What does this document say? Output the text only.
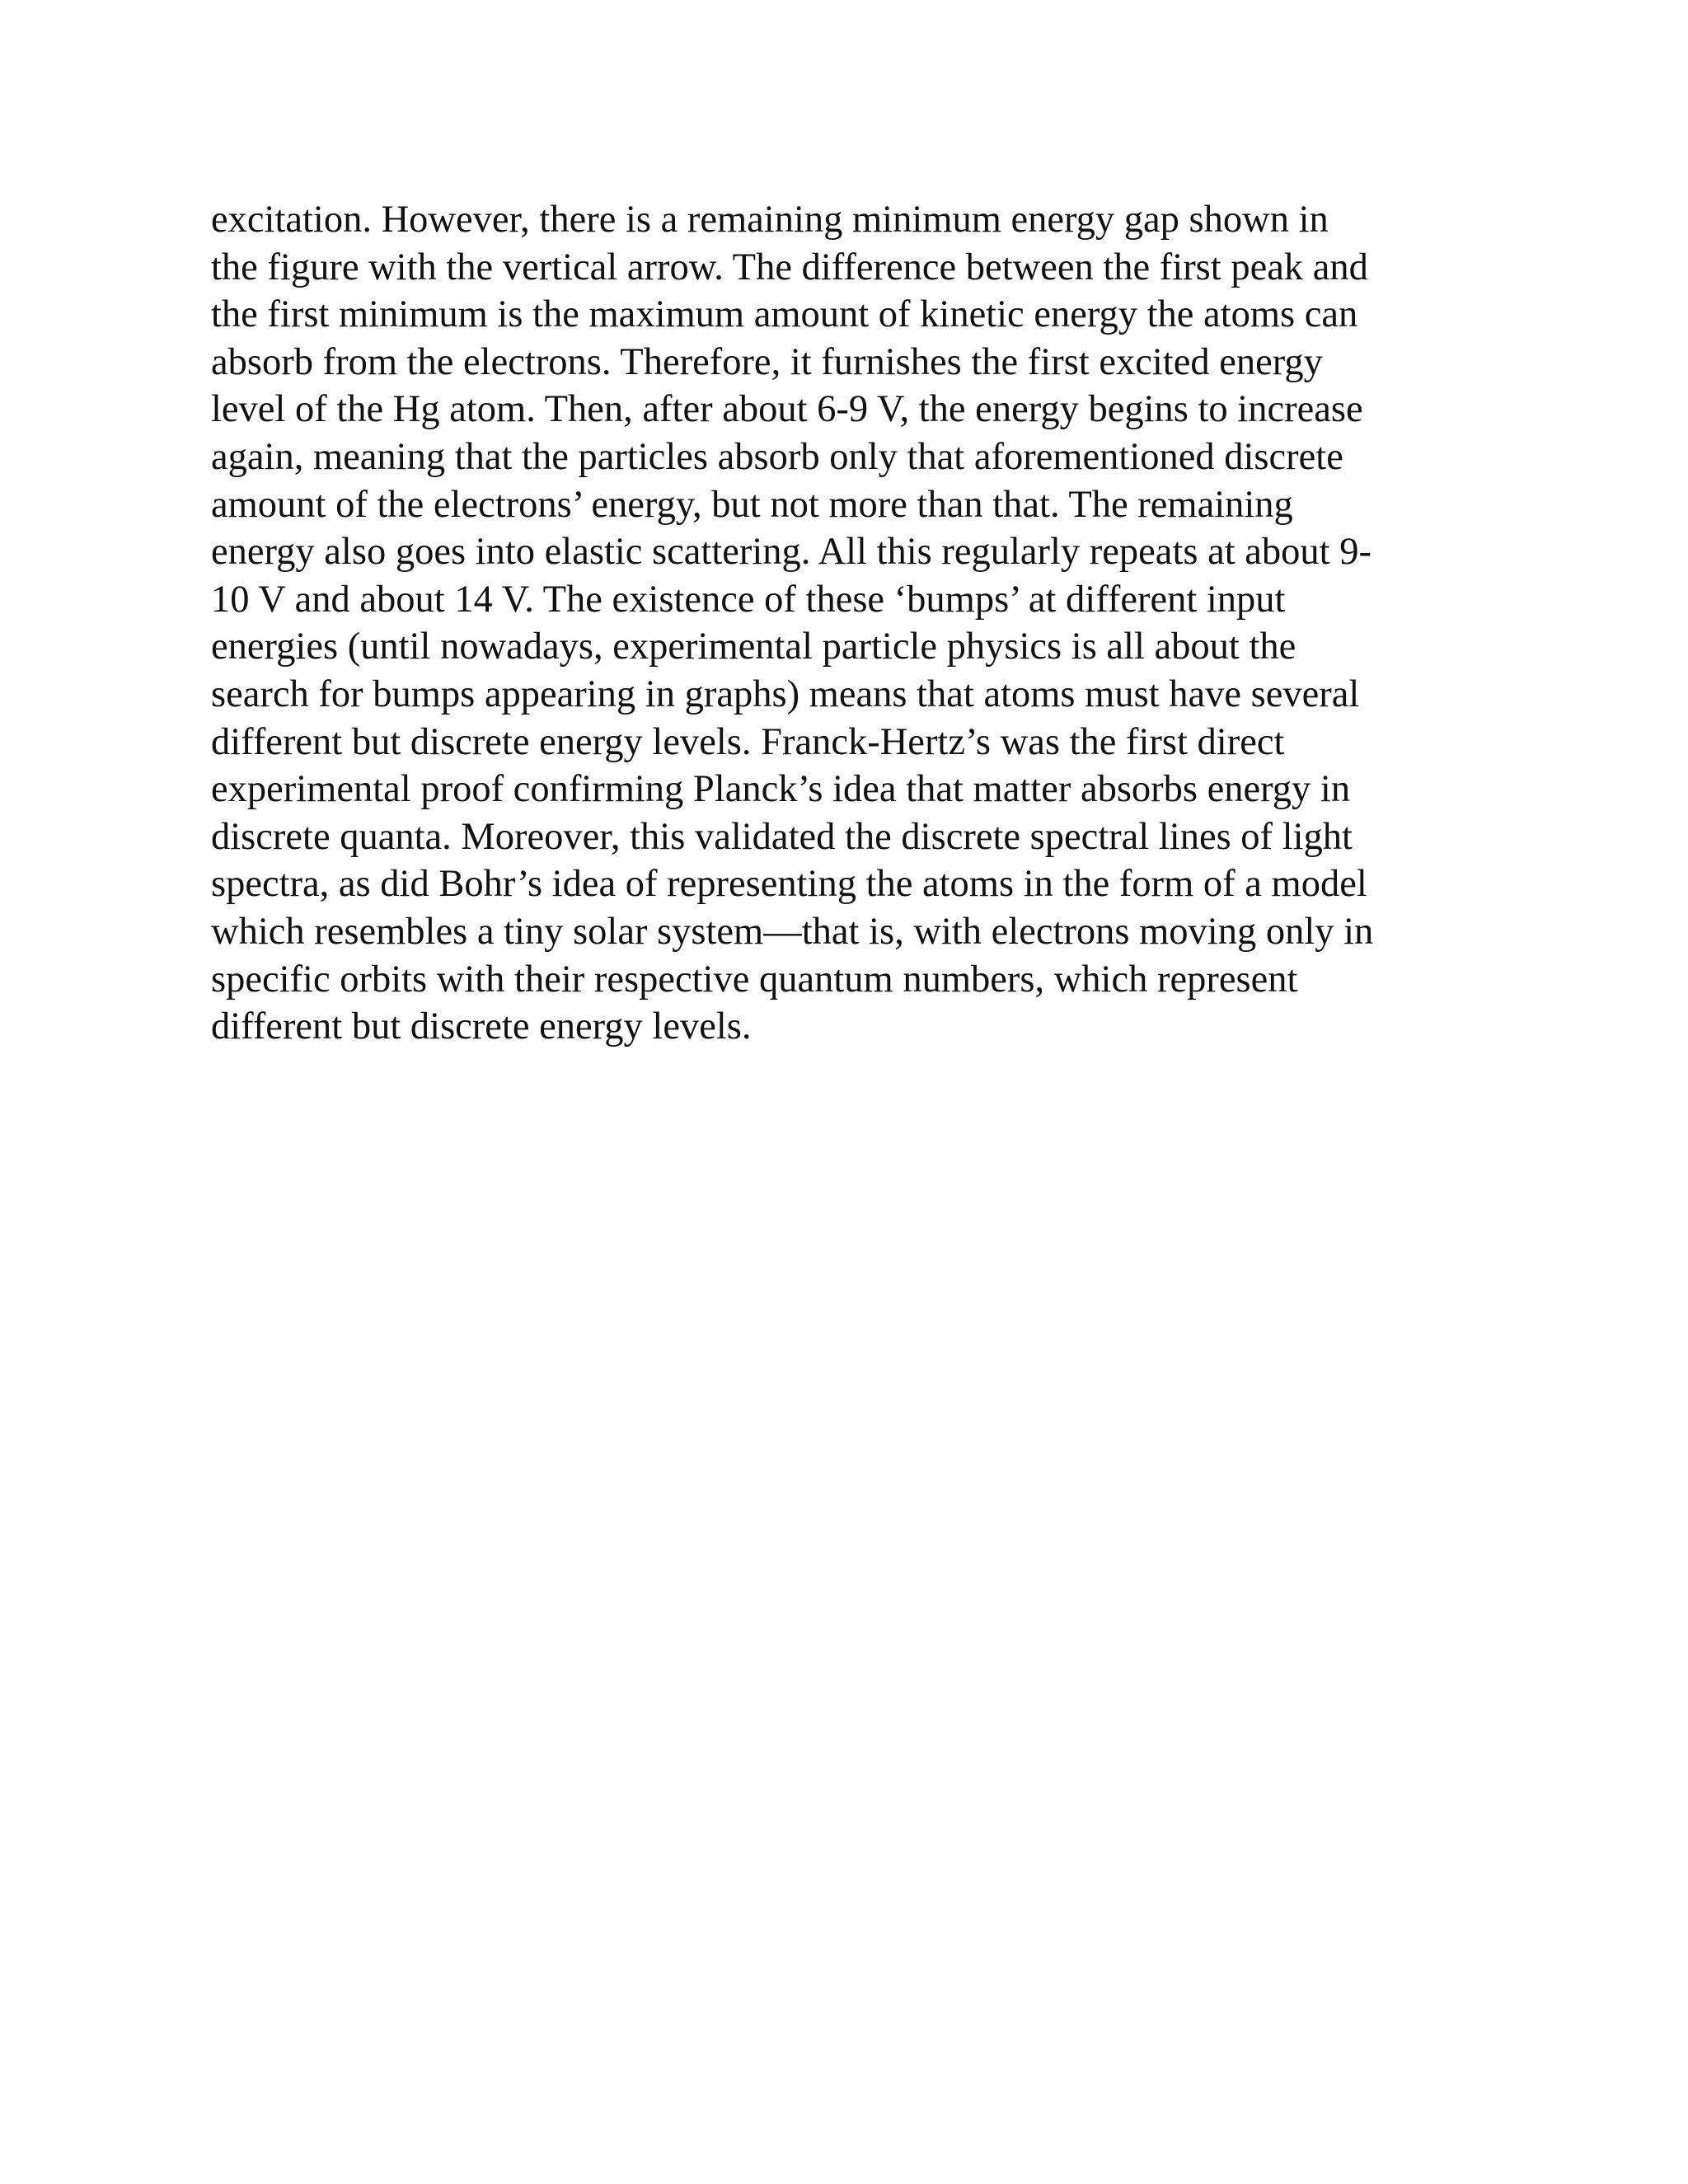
excitation. However, there is a remaining minimum energy gap shown in
the figure with the vertical arrow. The difference between the first peak and
the first minimum is the maximum amount of kinetic energy the atoms can
absorb from the electrons. Therefore, it furnishes the first excited energy
level of the Hg atom. Then, after about 6-9 V, the energy begins to increase
again, meaning that the particles absorb only that aforementioned discrete
amount of the electrons’ energy, but not more than that. The remaining
energy also goes into elastic scattering. All this regularly repeats at about 9-
10 V and about 14 V. The existence of these ‘bumps’ at different input
energies (until nowadays, experimental particle physics is all about the
search for bumps appearing in graphs) means that atoms must have several
different but discrete energy levels. Franck-Hertz’s was the first direct
experimental proof confirming Planck’s idea that matter absorbs energy in
discrete quanta. Moreover, this validated the discrete spectral lines of light
spectra, as did Bohr’s idea of representing the atoms in the form of a model
which resembles a tiny solar system—that is, with electrons moving only in
specific orbits with their respective quantum numbers, which represent
different but discrete energy levels.
